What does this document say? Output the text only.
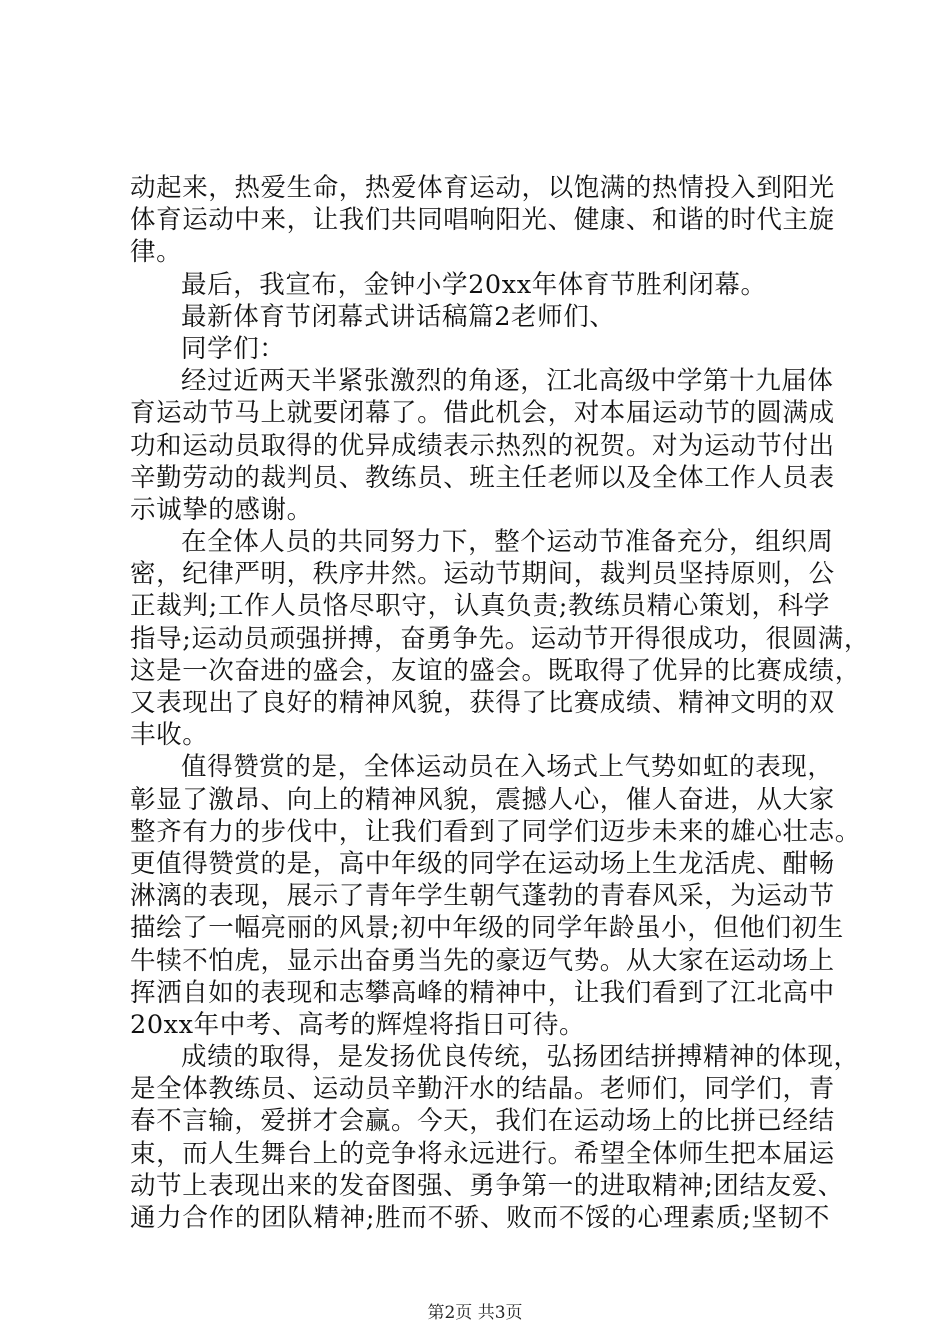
动起来，热爱生命，热爱体育运动，以饱满的热情投入到阳光
体育运动中来，让我们共同唱响阳光、健康、和谐的时代主旋
律。
最后，我宣布，金钟小学20xx年体育节胜利闭幕。
最新体育节闭幕式讲话稿篇2老师们、
同学们：
经过近两天半紧张激烈的角逐，江北高级中学第十九届体
育运动节马上就要闭幕了。借此机会，对本届运动节的圆满成
功和运动员取得的优异成绩表示热烈的祝贺。对为运动节付出
辛勤劳动的裁判员、教练员、班主任老师以及全体工作人员表
示诚挚的感谢。
在全体人员的共同努力下，整个运动节准备充分，组织周
密，纪律严明，秩序井然。运动节期间，裁判员坚持原则，公
正裁判;工作人员恪尽职守，认真负责;教练员精心策划，科学
指导;运动员顽强拼搏，奋勇争先。运动节开得很成功，很圆满，
这是一次奋进的盛会，友谊的盛会。既取得了优异的比赛成绩，
又表现出了良好的精神风貌，获得了比赛成绩、精神文明的双
丰收。
值得赞赏的是，全体运动员在入场式上气势如虹的表现，
彰显了激昂、向上的精神风貌，震撼人心，催人奋进，从大家
整齐有力的步伐中，让我们看到了同学们迈步未来的雄心壮志。
更值得赞赏的是，高中年级的同学在运动场上生龙活虎、酣畅
淋漓的表现，展示了青年学生朝气蓬勃的青春风采，为运动节
描绘了一幅亮丽的风景;初中年级的同学年龄虽小，但他们初生
牛犊不怕虎，显示出奋勇当先的豪迈气势。从大家在运动场上
挥洒自如的表现和志攀高峰的精神中，让我们看到了江北高中
20xx年中考、高考的辉煌将指日可待。
成绩的取得，是发扬优良传统，弘扬团结拼搏精神的体现，
是全体教练员、运动员辛勤汗水的结晶。老师们，同学们，青
春不言输，爱拼才会赢。今天，我们在运动场上的比拼已经结
束，而人生舞台上的竞争将永远进行。希望全体师生把本届运
动节上表现出来的发奋图强、勇争第一的进取精神;团结友爱、
通力合作的团队精神;胜而不骄、败而不馁的心理素质;坚韧不
第2页 共3页
